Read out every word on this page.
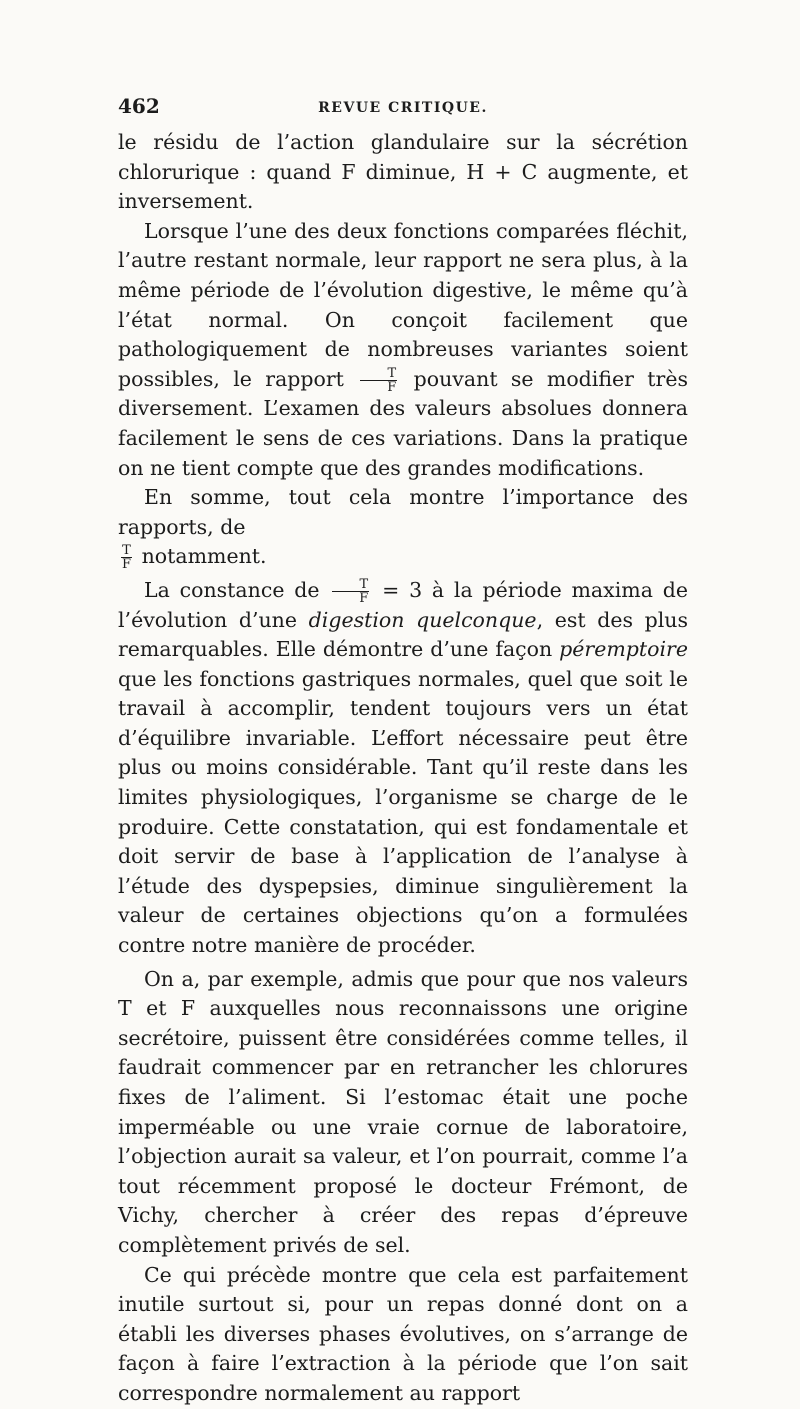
462	REVUE CRITIQUE.

le résidu de l’action glandulaire sur la sécrétion chlorurique : quand F diminue, H + C augmente, et inversement.

Lorsque l’une des deux fonctions comparées fléchit, l’autre restant normale, leur rapport ne sera plus, à la même période de l’évolution digestive, le même qu’à l’état normal. On conçoit facilement que pathologiquement de nombreuses variantes soient possibles, le rapport $\frac{T}{F}$ pouvant se modifier très diversement. L’examen des valeurs absolues donnera facilement le sens de ces variations. Dans la pratique on ne tient compte que des grandes modifications.

En somme, tout cela montre l’importance des rapports, de

$\frac{T}{F}$ notamment.

La constance de $\frac{T}{F} = 3$ à la période maxima de l’évolution d’une digestion quelconque, est des plus remarquables. Elle démontre d’une façon péremptoire que les fonctions gastriques normales, quel que soit le travail à accomplir, tendent toujours vers un état d’équilibre invariable. L’effort nécessaire peut être plus ou moins considérable. Tant qu’il reste dans les limites physiologiques, l’organisme se charge de le produire. Cette constatation, qui est fondamentale et doit servir de base à l’application de l’analyse à l’étude des dyspepsies, diminue singulièrement la valeur de certaines objections qu’on a formulées contre notre manière de procéder.

On a, par exemple, admis que pour que nos valeurs T et F auxquelles nous reconnaissons une origine secrétoire, puissent être considérées comme telles, il faudrait commencer par en retrancher les chlorures fixes de l’aliment. Si l’estomac était une poche imperméable ou une vraie cornue de laboratoire, l’objection aurait sa valeur, et l’on pourrait, comme l’a tout récemment proposé le docteur Frémont, de Vichy, chercher à créer des repas d’épreuve complètement privés de sel.

Ce qui précède montre que cela est parfaitement inutile surtout si, pour un repas donné dont on a établi les diverses phases évolutives, on s’arrange de façon à faire l’extraction à la période que l’on sait correspondre normalement au rapport
